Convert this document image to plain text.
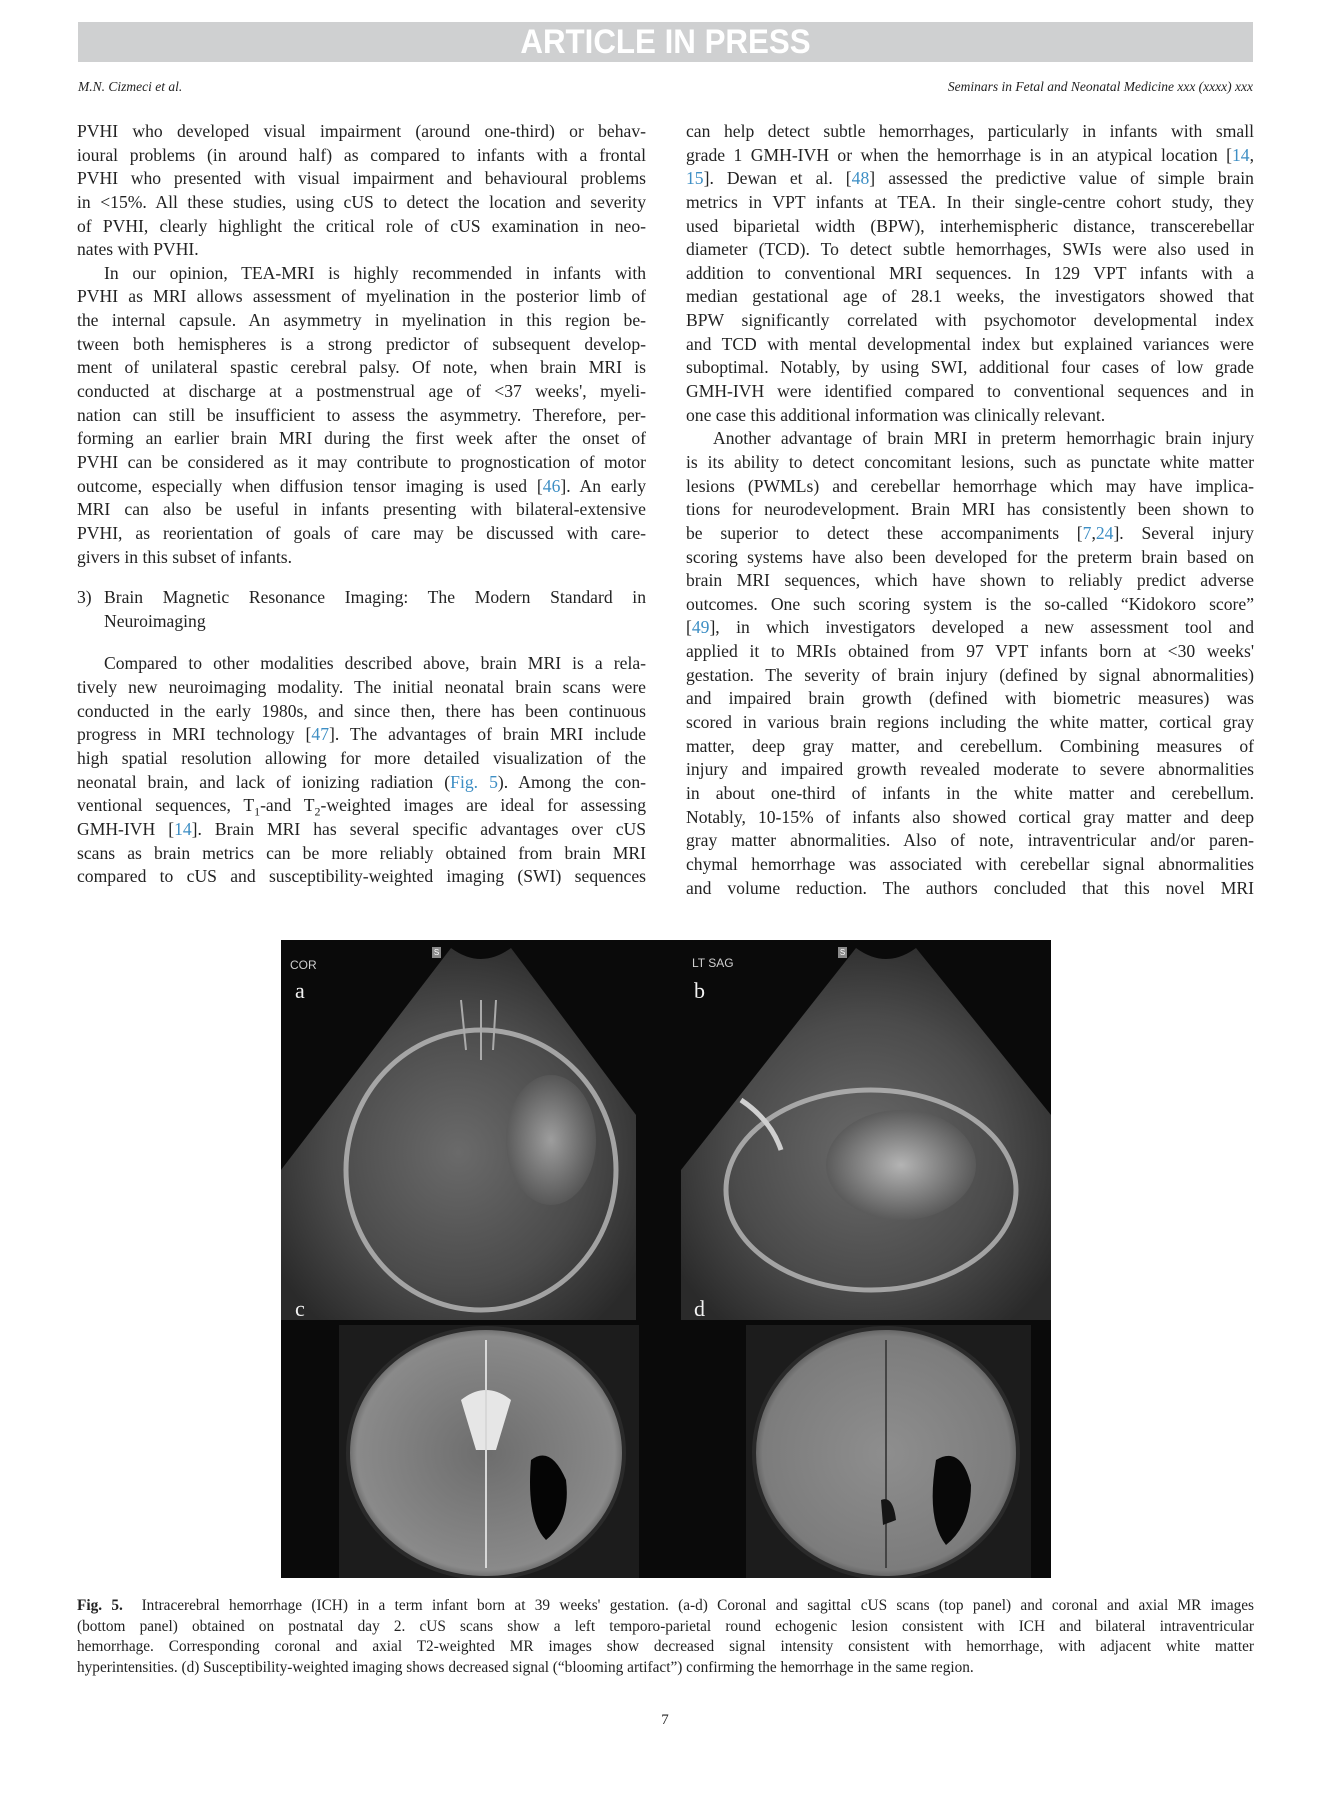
ARTICLE IN PRESS
M.N. Cizmeci et al.	Seminars in Fetal and Neonatal Medicine xxx (xxxx) xxx
PVHI who developed visual impairment (around one-third) or behav-
ioural problems (in around half) as compared to infants with a frontal
PVHI who presented with visual impairment and behavioural problems
in <15%. All these studies, using cUS to detect the location and severity
of PVHI, clearly highlight the critical role of cUS examination in neo-
nates with PVHI.
In our opinion, TEA-MRI is highly recommended in infants with
PVHI as MRI allows assessment of myelination in the posterior limb of
the internal capsule. An asymmetry in myelination in this region be-
tween both hemispheres is a strong predictor of subsequent develop-
ment of unilateral spastic cerebral palsy. Of note, when brain MRI is
conducted at discharge at a postmenstrual age of <37 weeks', myeli-
nation can still be insufficient to assess the asymmetry. Therefore, per-
forming an earlier brain MRI during the first week after the onset of
PVHI can be considered as it may contribute to prognostication of motor
outcome, especially when diffusion tensor imaging is used [46]. An early
MRI can also be useful in infants presenting with bilateral-extensive
PVHI, as reorientation of goals of care may be discussed with care-
givers in this subset of infants.
3) Brain Magnetic Resonance Imaging: The Modern Standard in
Neuroimaging
Compared to other modalities described above, brain MRI is a rela-
tively new neuroimaging modality. The initial neonatal brain scans were
conducted in the early 1980s, and since then, there has been continuous
progress in MRI technology [47]. The advantages of brain MRI include
high spatial resolution allowing for more detailed visualization of the
neonatal brain, and lack of ionizing radiation (Fig. 5). Among the con-
ventional sequences, $T_1$-and $T_2$-weighted images are ideal for assessing
GMH-IVH [14]. Brain MRI has several specific advantages over cUS
scans as brain metrics can be more reliably obtained from brain MRI
compared to cUS and susceptibility-weighted imaging (SWI) sequences
can help detect subtle hemorrhages, particularly in infants with small
grade 1 GMH-IVH or when the hemorrhage is in an atypical location [14,
15]. Dewan et al. [48] assessed the predictive value of simple brain
metrics in VPT infants at TEA. In their single-centre cohort study, they
used biparietal width (BPW), interhemispheric distance, transcerebellar
diameter (TCD). To detect subtle hemorrhages, SWIs were also used in
addition to conventional MRI sequences. In 129 VPT infants with a
median gestational age of 28.1 weeks, the investigators showed that
BPW significantly correlated with psychomotor developmental index
and TCD with mental developmental index but explained variances were
suboptimal. Notably, by using SWI, additional four cases of low grade
GMH-IVH were identified compared to conventional sequences and in
one case this additional information was clinically relevant.
Another advantage of brain MRI in preterm hemorrhagic brain injury
is its ability to detect concomitant lesions, such as punctate white matter
lesions (PWMLs) and cerebellar hemorrhage which may have implica-
tions for neurodevelopment. Brain MRI has consistently been shown to
be superior to detect these accompaniments [7,24]. Several injury
scoring systems have also been developed for the preterm brain based on
brain MRI sequences, which have shown to reliably predict adverse
outcomes. One such scoring system is the so-called “Kidokoro score”
[49], in which investigators developed a new assessment tool and
applied it to MRIs obtained from 97 VPT infants born at <30 weeks'
gestation. The severity of brain injury (defined by signal abnormalities)
and impaired brain growth (defined with biometric measures) was
scored in various brain regions including the white matter, cortical gray
matter, deep gray matter, and cerebellum. Combining measures of
injury and impaired growth revealed moderate to severe abnormalities
in about one-third of infants in the white matter and cerebellum.
Notably, 10-15% of infants also showed cortical gray matter and deep
gray matter abnormalities. Also of note, intraventricular and/or paren-
chymal hemorrhage was associated with cerebellar signal abnormalities
and volume reduction. The authors concluded that this novel MRI
S	S
COR	LT SAG
a	b
c	d
Fig. 5. Intracerebral hemorrhage (ICH) in a term infant born at 39 weeks' gestation. (a-d) Coronal and sagittal cUS scans (top panel) and coronal and axial MR images
(bottom panel) obtained on postnatal day 2. cUS scans show a left temporo-parietal round echogenic lesion consistent with ICH and bilateral intraventricular
hemorrhage. Corresponding coronal and axial T2-weighted MR images show decreased signal intensity consistent with hemorrhage, with adjacent white matter
hyperintensities. (d) Susceptibility-weighted imaging shows decreased signal (“blooming artifact”) confirming the hemorrhage in the same region.
7
